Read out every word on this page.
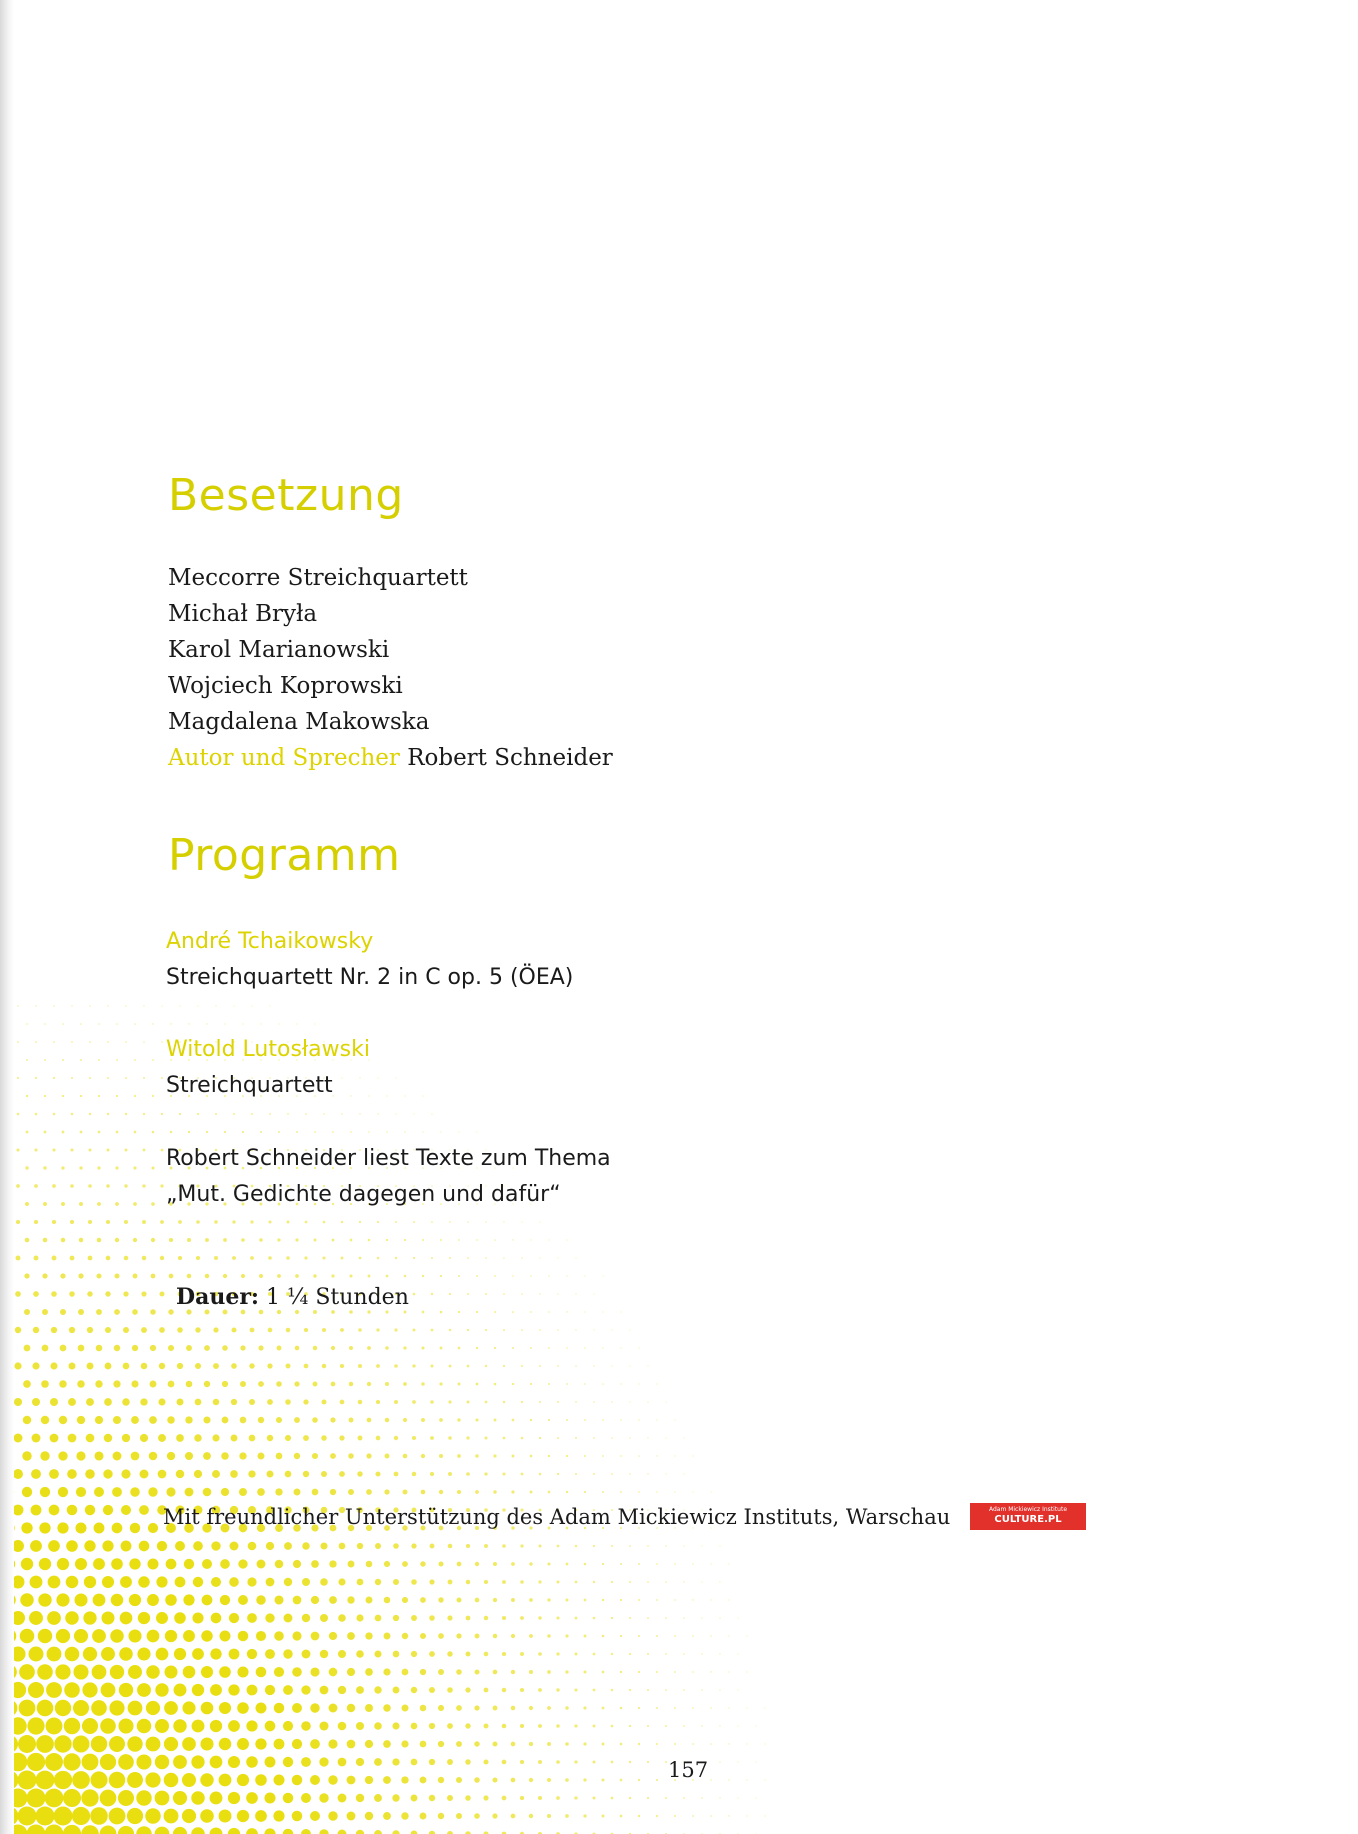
Besetzung
Meccorre Streichquartett
Michał Bryła
Karol Marianowski
Wojciech Koprowski
Magdalena Makowska
Autor und Sprecher Robert Schneider
Programm
André Tchaikowsky
Streichquartett Nr. 2 in C op. 5 (ÖEA)
Witold Lutosławski
Streichquartett
Robert Schneider liest Texte zum Thema
„Mut. Gedichte dagegen und dafür“
Dauer: 1 ¼ Stunden
Mit freundlicher Unterstützung des Adam Mickiewicz Instituts, Warschau	Adam Mickiewicz Institute
CULTURE.PL
157
